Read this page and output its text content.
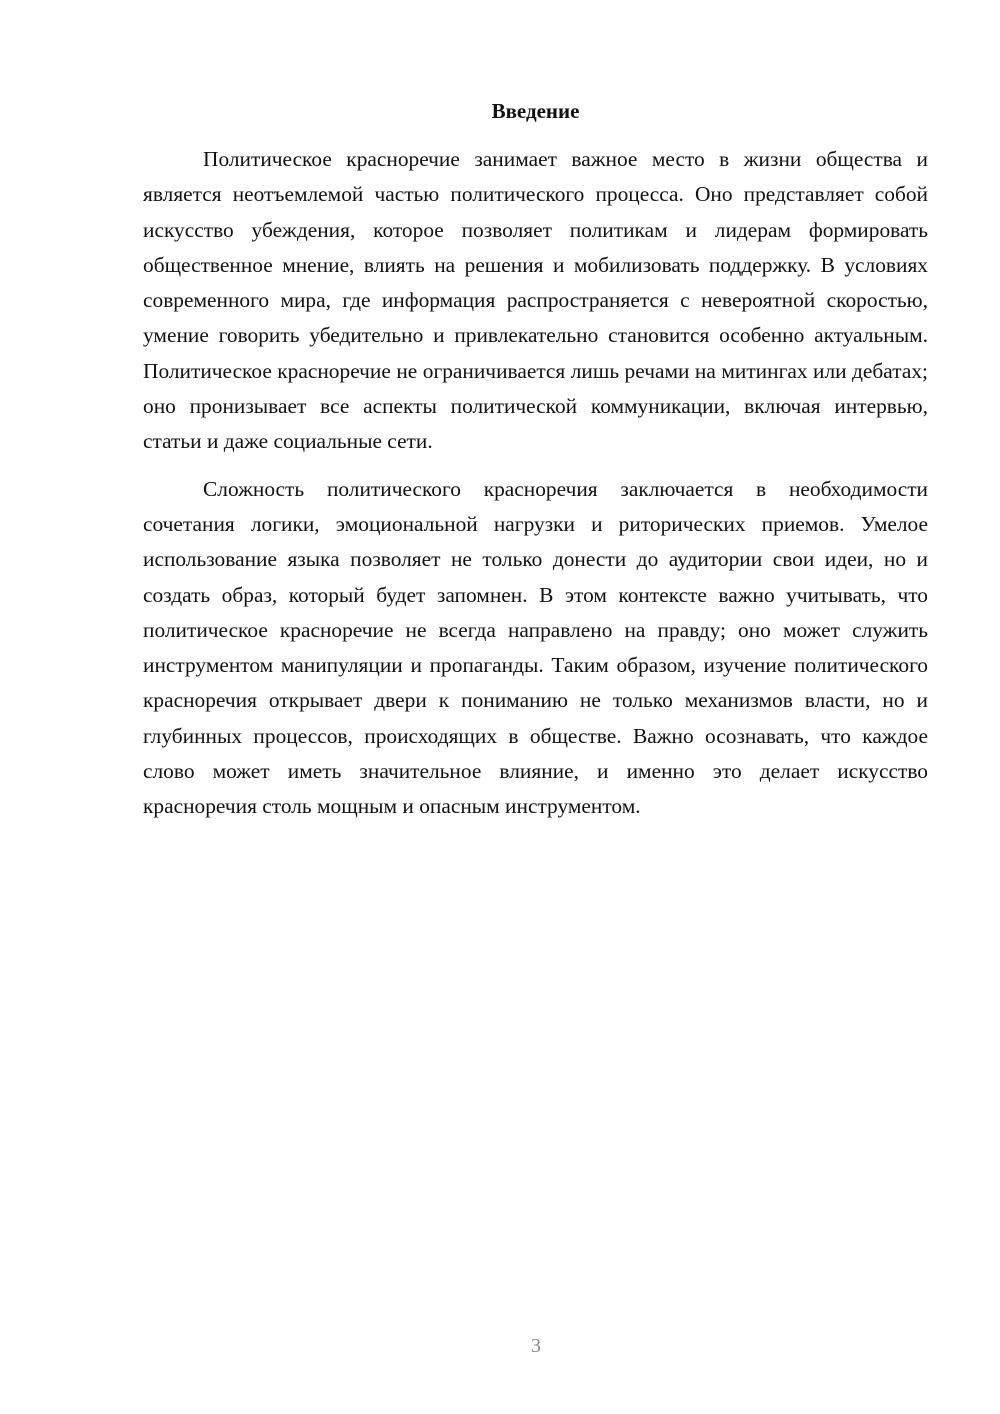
Введение

Политическое красноречие занимает важное место в жизни общества и является неотъемлемой частью политического процесса. Оно представляет собой искусство убеждения, которое позволяет политикам и лидерам формировать общественное мнение, влиять на решения и мобилизовать поддержку. В условиях современного мира, где информация распространяется с невероятной скоростью, умение говорить убедительно и привлекательно становится особенно актуальным. Политическое красноречие не ограничивается лишь речами на митингах или дебатах; оно пронизывает все аспекты политической коммуникации, включая интервью, статьи и даже социальные сети.

Сложность политического красноречия заключается в необходимости сочетания логики, эмоциональной нагрузки и риторических приемов. Умелое использование языка позволяет не только донести до аудитории свои идеи, но и создать образ, который будет запомнен. В этом контексте важно учитывать, что политическое красноречие не всегда направлено на правду; оно может служить инструментом манипуляции и пропаганды. Таким образом, изучение политического красноречия открывает двери к пониманию не только механизмов власти, но и глубинных процессов, происходящих в обществе. Важно осознавать, что каждое слово может иметь значительное влияние, и именно это делает искусство красноречия столь мощным и опасным инструментом.

3
